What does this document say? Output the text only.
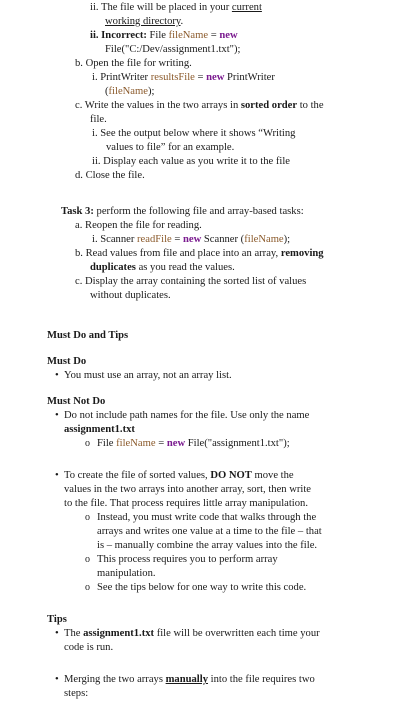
ii. The file will be placed in your current
working directory.
ii. Incorrect: File fileName = new
File("C:/Dev/assignment1.txt");
b. Open the file for writing.
i. PrintWriter resultsFile = new PrintWriter
(fileName);
c. Write the values in the two arrays in sorted order to the
file.
i. See the output below where it shows “Writing
values to file” for an example.
ii. Display each value as you write it to the file
d. Close the file.
Task 3: perform the following file and array-based tasks:
a. Reopen the file for reading.
i. Scanner readFile = new Scanner (fileName);
b. Read values from file and place into an array, removing
duplicates as you read the values.
c. Display the array containing the sorted list of values
without duplicates.
Must Do and Tips
Must Do
• You must use an array, not an array list.
Must Not Do
• Do not include path names for the file. Use only the name
assignment1.txt
o File fileName = new File("assignment1.txt");
• To create the file of sorted values, DO NOT move the
values in the two arrays into another array, sort, then write
to the file. That process requires little array manipulation.
o Instead, you must write code that walks through the
arrays and writes one value at a time to the file – that
is – manually combine the array values into the file.
o This process requires you to perform array
manipulation.
o See the tips below for one way to write this code.
Tips
• The assignment1.txt file will be overwritten each time your
code is run.
• Merging the two arrays manually into the file requires two
steps:
